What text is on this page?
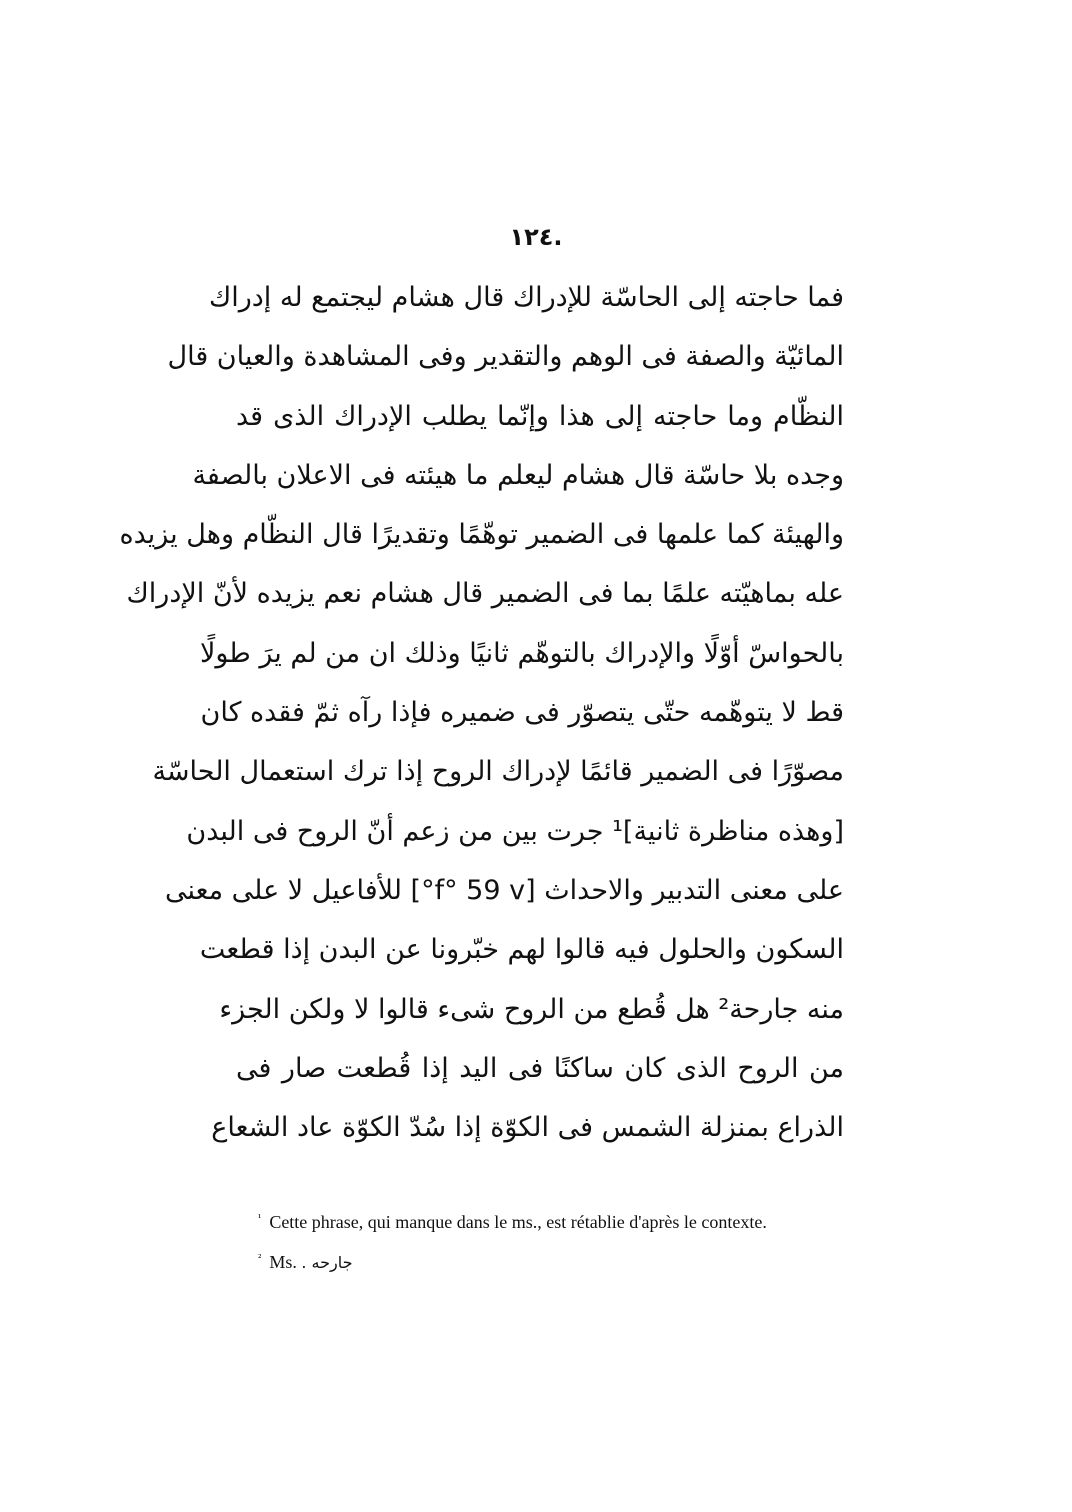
١٢٤.
فما حاجته إلى الحاسّة للإدراك قال هشام ليجتمع له إدراك
المائيّة والصفة فى الوهم والتقدير وفى المشاهدة والعيان قال
النظّام وما حاجته إلى هذا وإنّما يطلب الإدراك الذى قد
وجده بلا حاسّة قال هشام ليعلم ما هيئته فى الاعلان بالصفة
والهيئة كما علمها فى الضمير توهّمًا وتقديرًا قال النظّام وهل يزيده
عله بماهيّته علمًا بما فى الضمير قال هشام نعم يزيده لأنّ الإدراك
بالحواسّ أوّلًا والإدراك بالتوهّم ثانيًا وذلك ان من لم يرَ طولًا
قط لا يتوهّمه حتّى يتصوّر فى ضميره فإذا رآه ثمّ فقده كان
مصوّرًا فى الضمير قائمًا لإدراك الروح إذا ترك استعمال الحاسّة
[وهذه مناظرة ثانية]¹ جرت بين من زعم أنّ الروح فى البدن
على معنى التدبير والاحداث [f° 59 v°] للأفاعيل لا على معنى
السكون والحلول فيه قالوا لهم خبّرونا عن البدن إذا قطعت
منه جارحة² هل قُطع من الروح شىء قالوا لا ولكن الجزء
من الروح الذى كان ساكنًا فى اليد إذا قُطعت صار فى
الذراع بمنزلة الشمس فى الكوّة إذا سُدّ الكوّة عاد الشعاع
$^{^1}$ Cette phrase, qui manque dans le ms., est rétablie d'après le contexte.
$^{^2}$ Ms. جارحه .
